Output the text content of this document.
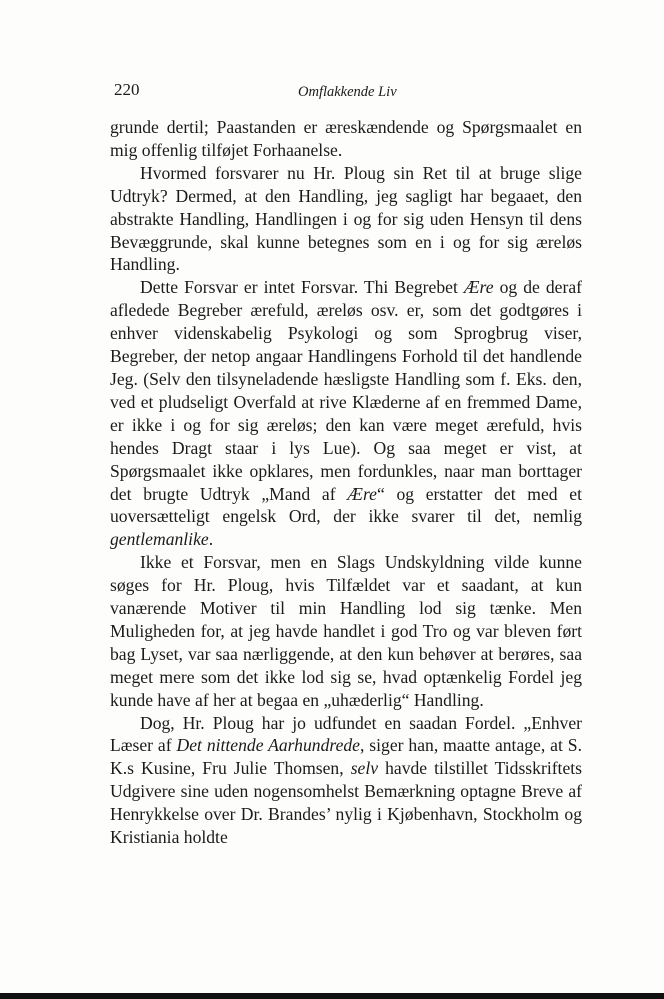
220	Omflakkende Liv

grunde dertil; Paastanden er æreskændende og Spørgsmaalet en mig offenlig tilføjet Forhaanelse.

Hvormed forsvarer nu Hr. Ploug sin Ret til at bruge slige Udtryk? Dermed, at den Handling, jeg sagligt har begaaet, den abstrakte Handling, Handlingen i og for sig uden Hensyn til dens Bevæggrunde, skal kunne betegnes som en i og for sig æreløs Handling.

Dette Forsvar er intet Forsvar. Thi Begrebet Ære og de deraf afledede Begreber ærefuld, æreløs osv. er, som det godtgøres i enhver videnskabelig Psykologi og som Sprogbrug viser, Begreber, der netop angaar Handlingens Forhold til det handlende Jeg. (Selv den tilsyneladende hæsligste Handling som f. Eks. den, ved et pludseligt Overfald at rive Klæderne af en fremmed Dame, er ikke i og for sig æreløs; den kan være meget ærefuld, hvis hendes Dragt staar i lys Lue). Og saa meget er vist, at Spørgsmaalet ikke opklares, men fordunkles, naar man borttager det brugte Udtryk „Mand af Ære“ og erstatter det med et uoversætteligt engelsk Ord, der ikke svarer til det, nemlig gentlemanlike.

Ikke et Forsvar, men en Slags Undskyldning vilde kunne søges for Hr. Ploug, hvis Tilfældet var et saadant, at kun vanærende Motiver til min Handling lod sig tænke. Men Muligheden for, at jeg havde handlet i god Tro og var bleven ført bag Lyset, var saa nærliggende, at den kun behøver at berøres, saa meget mere som det ikke lod sig se, hvad optænkelig Fordel jeg kunde have af her at begaa en „uhæderlig“ Handling.

Dog, Hr. Ploug har jo udfundet en saadan Fordel. „Enhver Læser af Det nittende Aarhundrede, siger han, maatte antage, at S. K.s Kusine, Fru Julie Thomsen, selv havde tilstillet Tidsskriftets Udgivere sine uden nogensomhelst Bemærkning optagne Breve af Henrykkelse over Dr. Brandes’ nylig i Kjøbenhavn, Stockholm og Kristiania holdte
